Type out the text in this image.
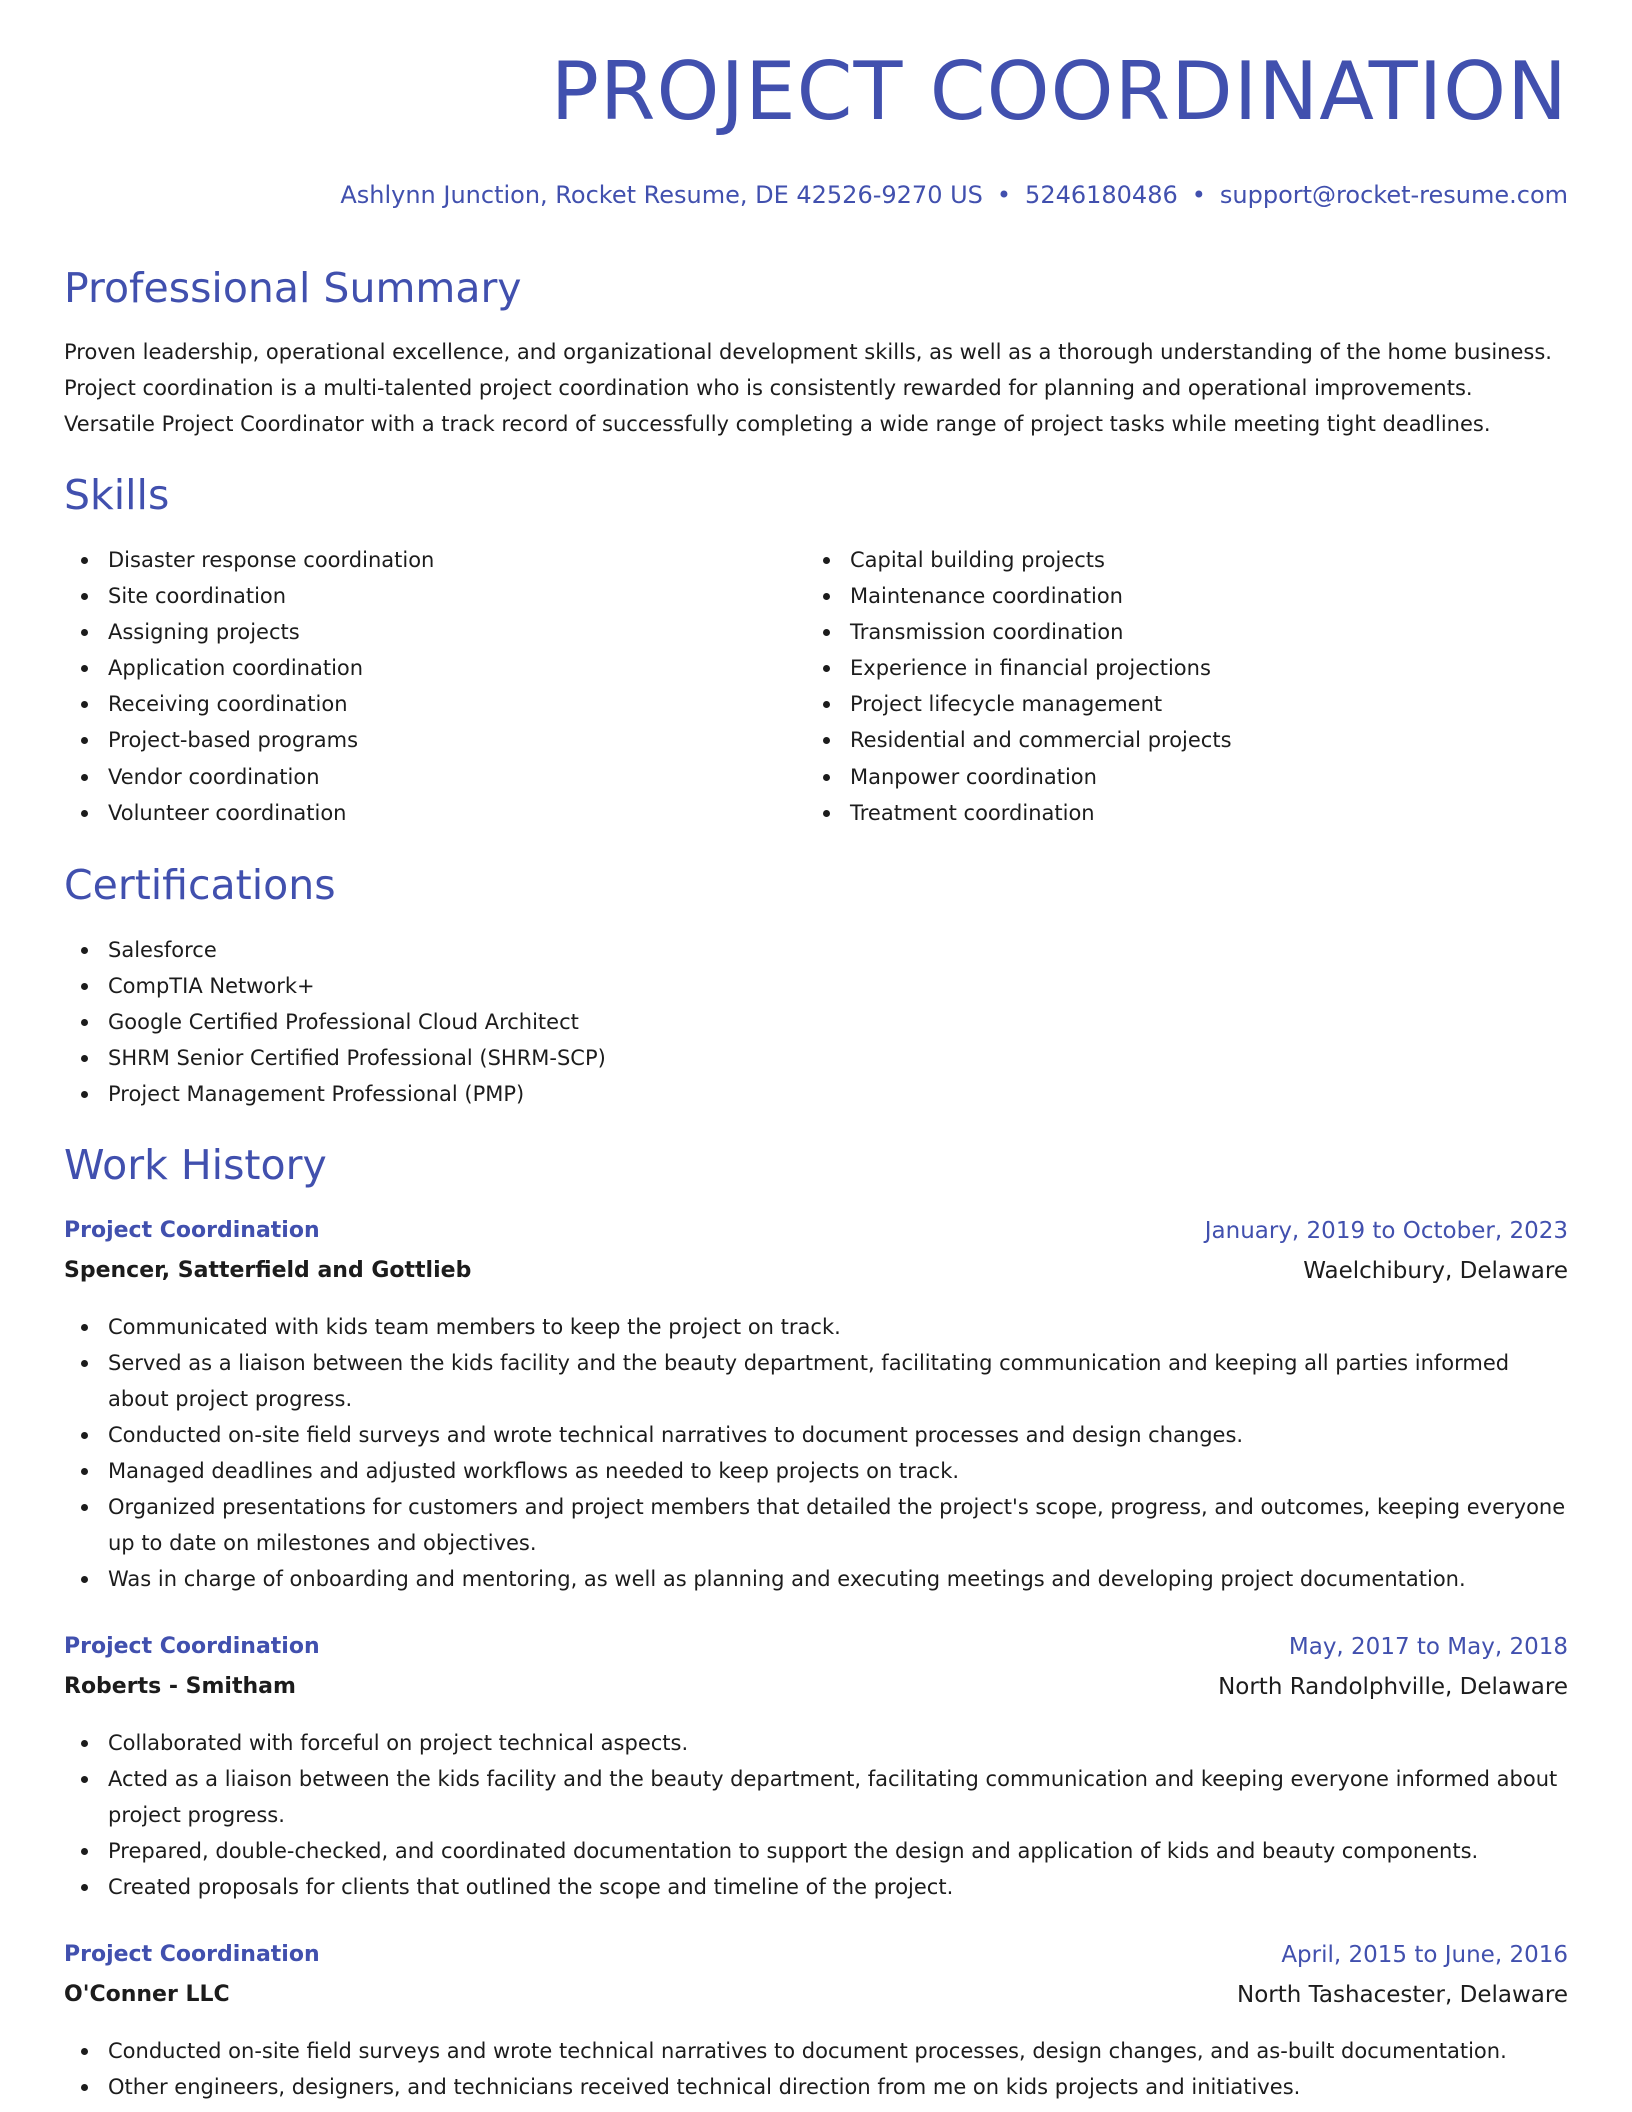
PROJECT COORDINATION
Ashlynn Junction, Rocket Resume, DE 42526-9270 US • 5246180486 • support@rocket-resume.com
Professional Summary

Proven leadership, operational excellence, and organizational development skills, as well as a thorough understanding of the home business. Project coordination is a multi-talented project coordination who is consistently rewarded for planning and operational improvements. Versatile Project Coordinator with a track record of successfully completing a wide range of project tasks while meeting tight deadlines.

Skills
Disaster response coordination
Site coordination
Assigning projects
Application coordination
Receiving coordination
Project-based programs
Vendor coordination
Volunteer coordination
Capital building projects
Maintenance coordination
Transmission coordination
Experience in financial projections
Project lifecycle management
Residential and commercial projects
Manpower coordination
Treatment coordination
Certifications
Salesforce
CompTIA Network+
Google Certified Professional Cloud Architect
SHRM Senior Certified Professional (SHRM-SCP)
Project Management Professional (PMP)
Work History
Project Coordination	January, 2019 to October, 2023
Spencer, Satterfield and Gottlieb	Waelchibury, Delaware
Communicated with kids team members to keep the project on track.
Served as a liaison between the kids facility and the beauty department, facilitating communication and keeping all parties informed about project progress.
Conducted on-site field surveys and wrote technical narratives to document processes and design changes.
Managed deadlines and adjusted workflows as needed to keep projects on track.
Organized presentations for customers and project members that detailed the project's scope, progress, and outcomes, keeping everyone up to date on milestones and objectives.
Was in charge of onboarding and mentoring, as well as planning and executing meetings and developing project documentation.
Project Coordination	May, 2017 to May, 2018
Roberts - Smitham	North Randolphville, Delaware
Collaborated with forceful on project technical aspects.
Acted as a liaison between the kids facility and the beauty department, facilitating communication and keeping everyone informed about project progress.
Prepared, double-checked, and coordinated documentation to support the design and application of kids and beauty components.
Created proposals for clients that outlined the scope and timeline of the project.
Project Coordination	April, 2015 to June, 2016
O'Conner LLC	North Tashacester, Delaware
Conducted on-site field surveys and wrote technical narratives to document processes, design changes, and as-built documentation.
Other engineers, designers, and technicians received technical direction from me on kids projects and initiatives.
